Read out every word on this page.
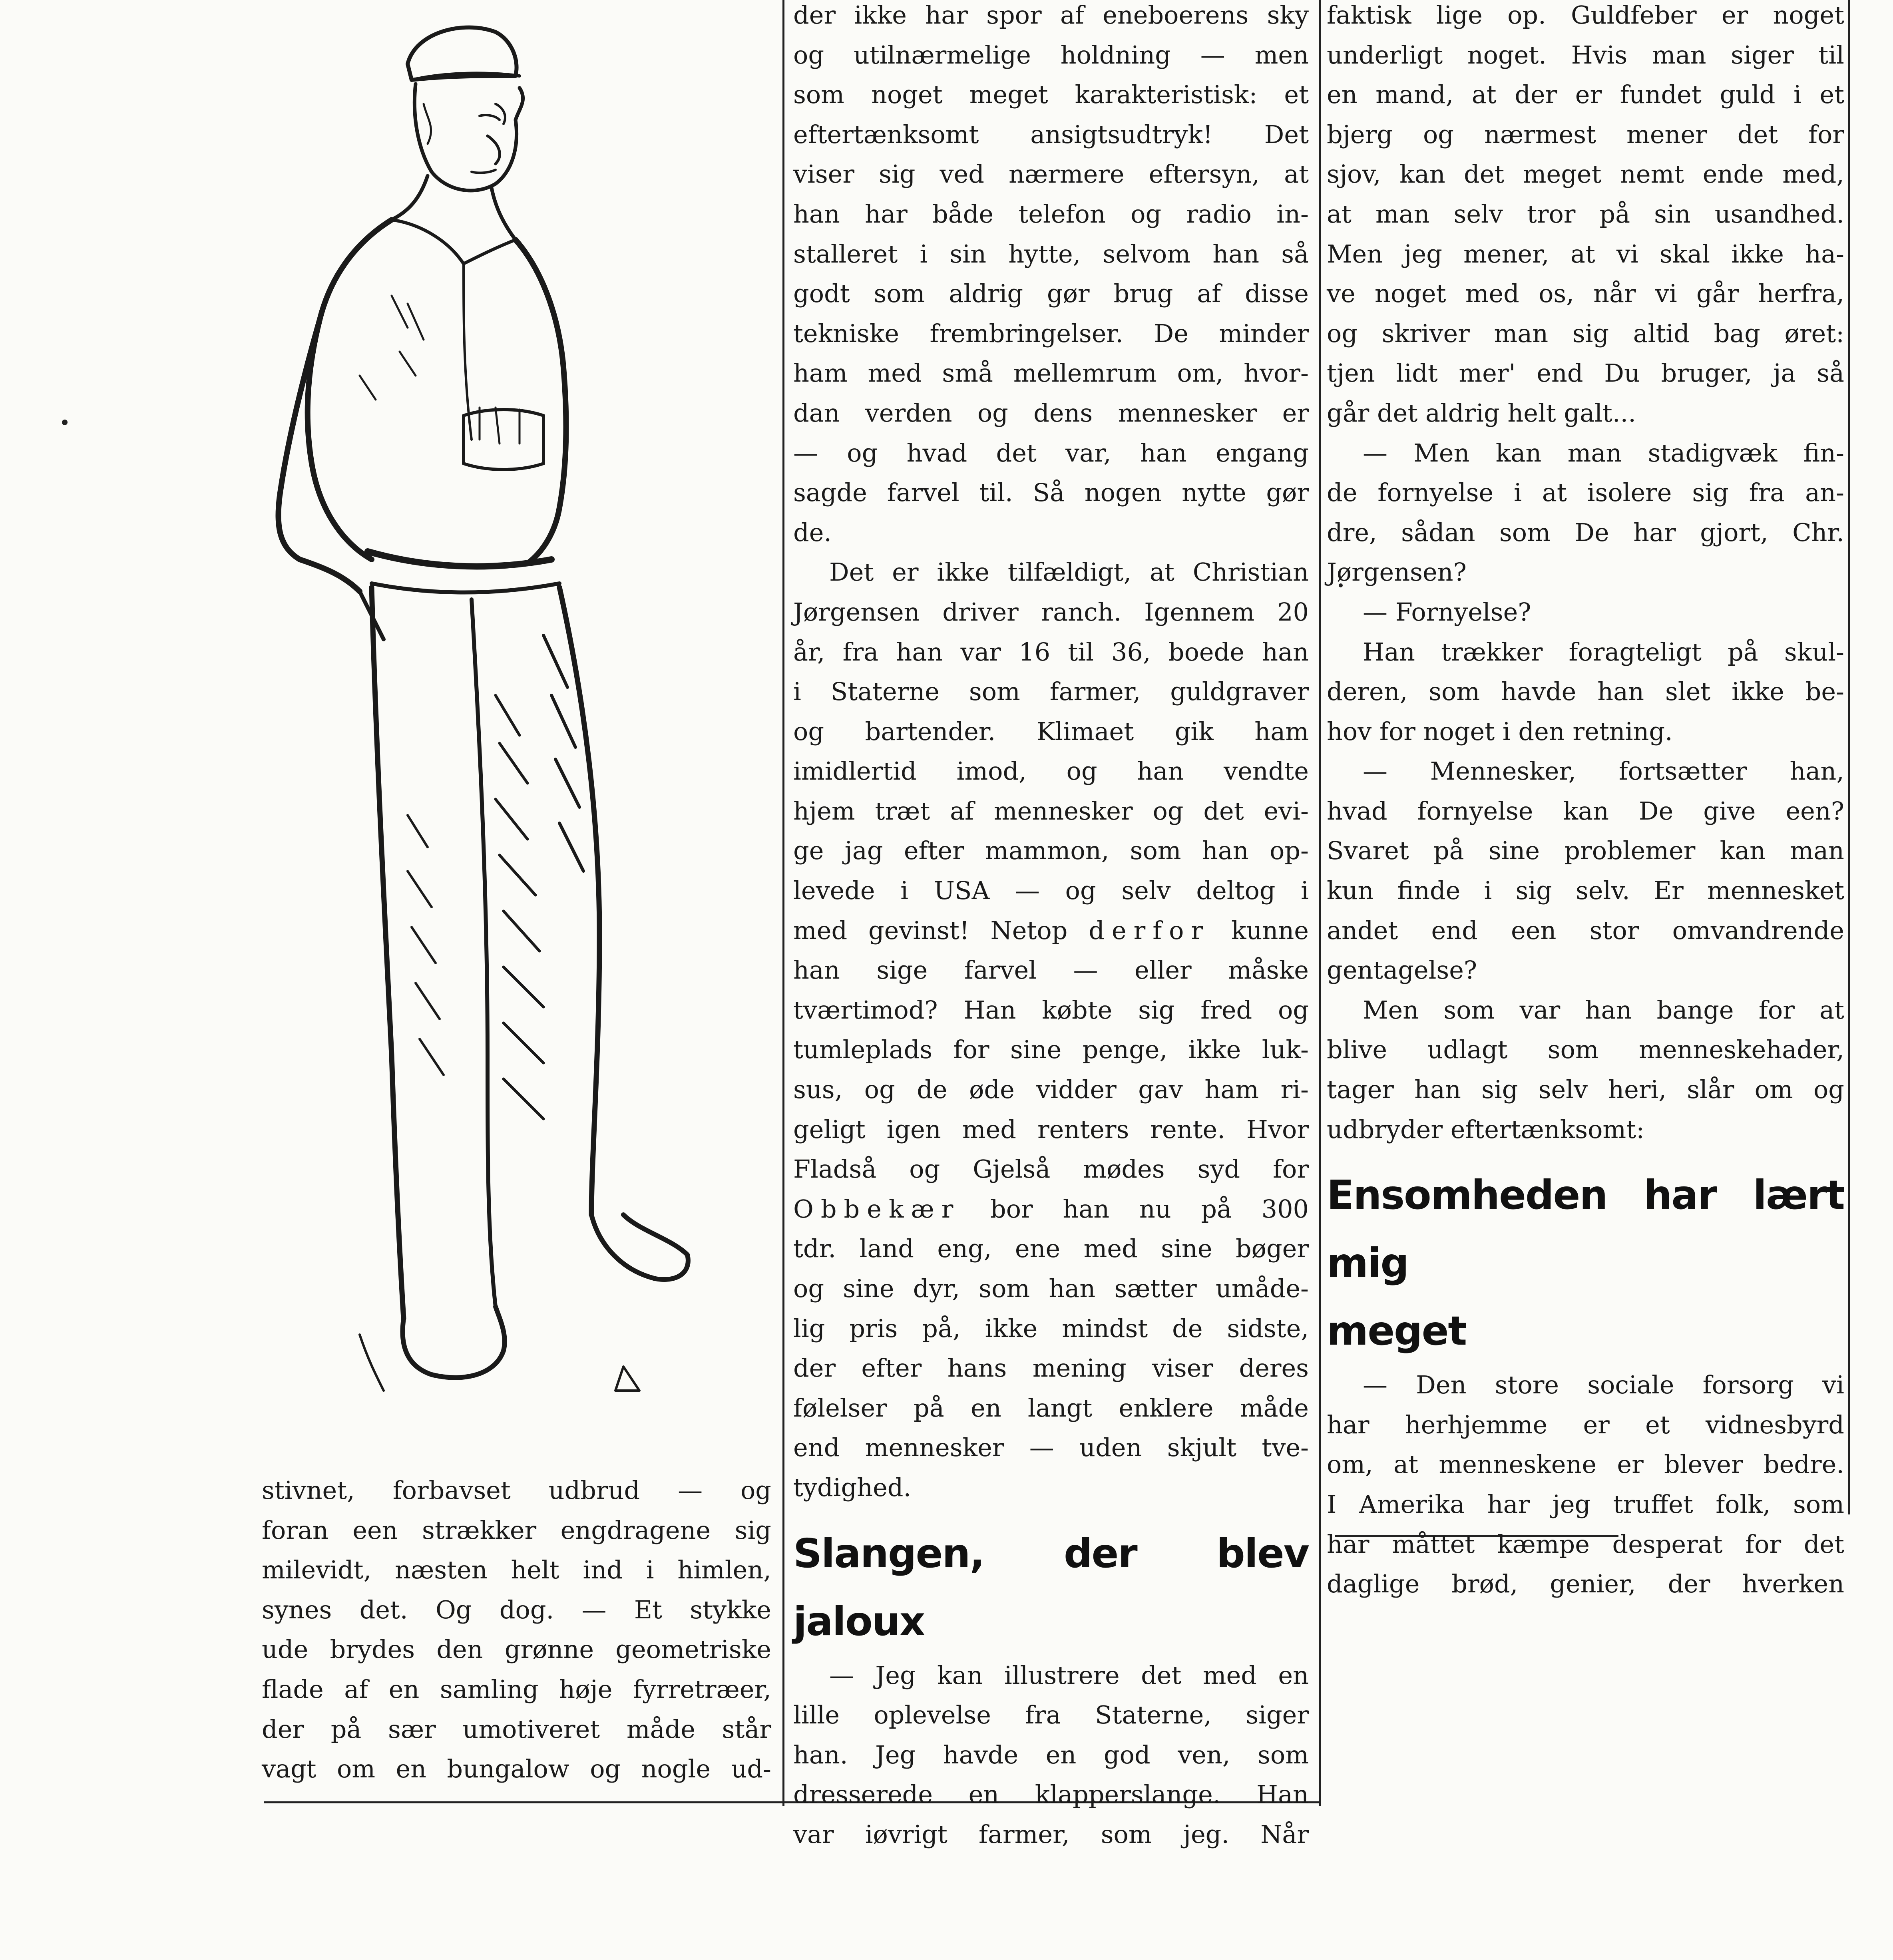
stivnet, forbavset udbrud — og
foran een strækker engdragene sig
milevidt, næsten helt ind i himlen,
synes det. Og dog. — Et stykke
ude brydes den grønne geometriske
flade af en samling høje fyrretræer,
der på sær umotiveret måde står
vagt om en bungalow og nogle ud-

der ikke har spor af eneboerens sky
og utilnærmelige holdning — men
som noget meget karakteristisk: et
eftertænksomt ansigtsudtryk! Det
viser sig ved nærmere eftersyn, at
han har både telefon og radio in-
stalleret i sin hytte, selvom han så
godt som aldrig gør brug af disse
tekniske frembringelser. De minder
ham med små mellemrum om, hvor-
dan verden og dens mennesker er
— og hvad det var, han engang
sagde farvel til. Så nogen nytte gør
de.

Det er ikke tilfældigt, at Christian
Jørgensen driver ranch. Igennem 20
år, fra han var 16 til 36, boede han
i Staterne som farmer, guldgraver
og bartender. Klimaet gik ham
imidlertid imod, og han vendte
hjem træt af mennesker og det evi-
ge jag efter mammon, som han op-
levede i USA — og selv deltog i
med gevinst! Netop derfor kunne
han sige farvel — eller måske
tværtimod? Han købte sig fred og
tumleplads for sine penge, ikke luk-
sus, og de øde vidder gav ham ri-
geligt igen med renters rente. Hvor
Fladså og Gjelså mødes syd for
Obbekær bor han nu på 300
tdr. land eng, ene med sine bøger
og sine dyr, som han sætter umåde-
lig pris på, ikke mindst de sidste,
der efter hans mening viser deres
følelser på en langt enklere måde
end mennesker — uden skjult tve-
tydighed.

Slangen, der blev jaloux

— Jeg kan illustrere det med en
lille oplevelse fra Staterne, siger
han. Jeg havde en god ven, som
dresserede en klapperslange. Han
var iøvrigt farmer, som jeg. Når

faktisk lige op. Guldfeber er noget
underligt noget. Hvis man siger til
en mand, at der er fundet guld i et
bjerg og nærmest mener det for
sjov, kan det meget nemt ende med,
at man selv tror på sin usandhed.
Men jeg mener, at vi skal ikke ha-
ve noget med os, når vi går herfra,
og skriver man sig altid bag øret:
tjen lidt mer' end Du bruger, ja så
går det aldrig helt galt...

— Men kan man stadigvæk fin-
de fornyelse i at isolere sig fra an-
dre, sådan som De har gjort, Chr.
Jørgensen?

— Fornyelse?

Han trækker foragteligt på skul-
deren, som havde han slet ikke be-
hov for noget i den retning.

— Mennesker, fortsætter han,
hvad fornyelse kan De give een?
Svaret på sine problemer kan man
kun finde i sig selv. Er mennesket
andet end een stor omvandrende
gentagelse?

Men som var han bange for at
blive udlagt som menneskehader,
tager han sig selv heri, slår om og
udbryder eftertænksomt:

Ensomheden har lært mig
meget

— Den store sociale forsorg vi
har herhjemme er et vidnesbyrd
om, at menneskene er blever bedre.
I Amerika har jeg truffet folk, som
har måttet kæmpe desperat for det
daglige brød, genier, der hverken
